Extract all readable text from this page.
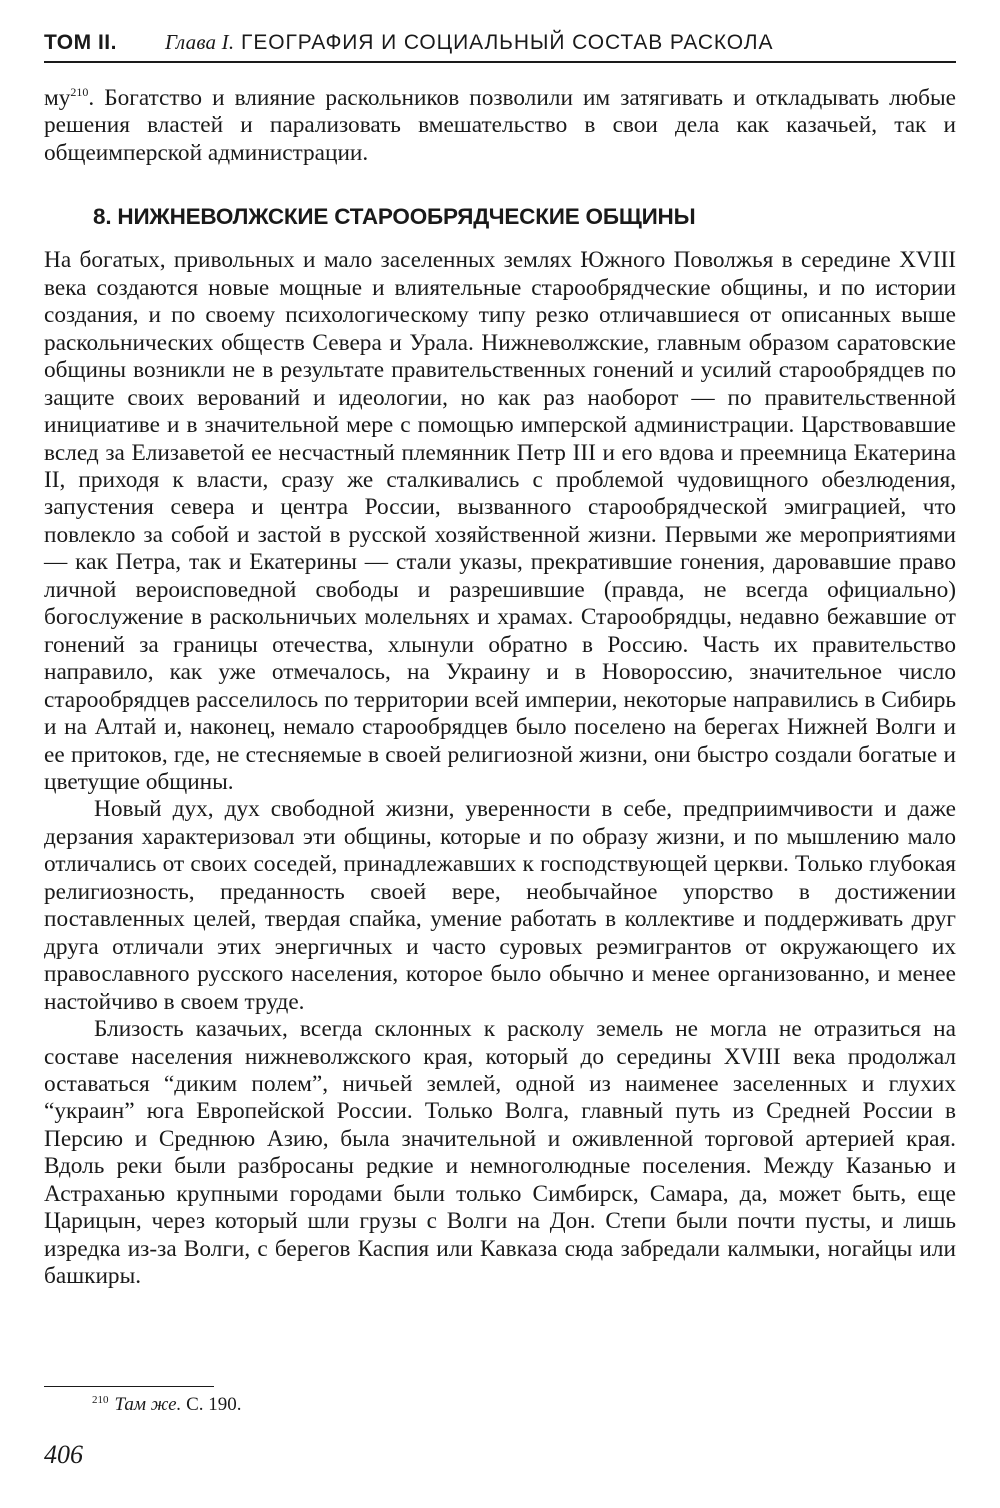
ТОМ II. Глава I. ГЕОГРАФИЯ И СОЦИАЛЬНЫЙ СОСТАВ РАСКОЛА

$му^{210}$. Богатство и влияние раскольников позволили им затягивать и откладывать любые решения властей и парализовать вмешательство в свои дела как казачьей, так и общеимперской администрации.

8. НИЖНЕВОЛЖСКИЕ СТАРООБРЯДЧЕСКИЕ ОБЩИНЫ

На богатых, привольных и мало заселенных землях Южного Поволжья в середине XVIII века создаются новые мощные и влиятельные старообрядческие общины, и по истории создания, и по своему психологическому типу резко отличавшиеся от описанных выше раскольнических обществ Севера и Урала. Нижневолжские, главным образом саратовские общины возникли не в результате правительственных гонений и усилий старообрядцев по защите своих верований и идеологии, но как раз наоборот — по правительственной инициативе и в значительной мере с помощью имперской администрации. Царствовавшие вслед за Елизаветой ее несчастный племянник Петр III и его вдова и преемница Екатерина II, приходя к власти, сразу же сталкивались с проблемой чудовищного обезлюдения, запустения севера и центра России, вызванного старообрядческой эмиграцией, что повлекло за собой и застой в русской хозяйственной жизни. Первыми же мероприятиями — как Петра, так и Екатерины — стали указы, прекратившие гонения, даровавшие право личной вероисповедной свободы и разрешившие (правда, не всегда официально) богослужение в раскольничьих молельнях и храмах. Старообрядцы, недавно бежавшие от гонений за границы отечества, хлынули обратно в Россию. Часть их правительство направило, как уже отмечалось, на Украину и в Новороссию, значительное число старообрядцев расселилось по территории всей империи, некоторые направились в Сибирь и на Алтай и, наконец, немало старообрядцев было поселено на берегах Нижней Волги и ее притоков, где, не стесняемые в своей религиозной жизни, они быстро создали богатые и цветущие общины.

Новый дух, дух свободной жизни, уверенности в себе, предприимчивости и даже дерзания характеризовал эти общины, которые и по образу жизни, и по мышлению мало отличались от своих соседей, принадлежавших к господствующей церкви. Только глубокая религиозность, преданность своей вере, необычайное упорство в достижении поставленных целей, твердая спайка, умение работать в коллективе и поддерживать друг друга отличали этих энергичных и часто суровых реэмигрантов от окружающего их православного русского населения, которое было обычно и менее организованно, и менее настойчиво в своем труде.

Близость казачьих, всегда склонных к расколу земель не могла не отразиться на составе населения нижневолжского края, который до середины XVIII века продолжал оставаться “диким полем”, ничьей землей, одной из наименее заселенных и глухих “украин” юга Европейской России. Только Волга, главный путь из Средней России в Персию и Среднюю Азию, была значительной и оживленной торговой артерией края. Вдоль реки были разбросаны редкие и немноголюдные поселения. Между Казанью и Астраханью крупными городами были только Симбирск, Самара, да, может быть, еще Царицын, через который шли грузы с Волги на Дон. Степи были почти пусты, и лишь изредка из-за Волги, с берегов Каспия или Кавказа сюда забредали калмыки, ногайцы или башкиры.

$^{210}$ Там же. С. 190.
406
